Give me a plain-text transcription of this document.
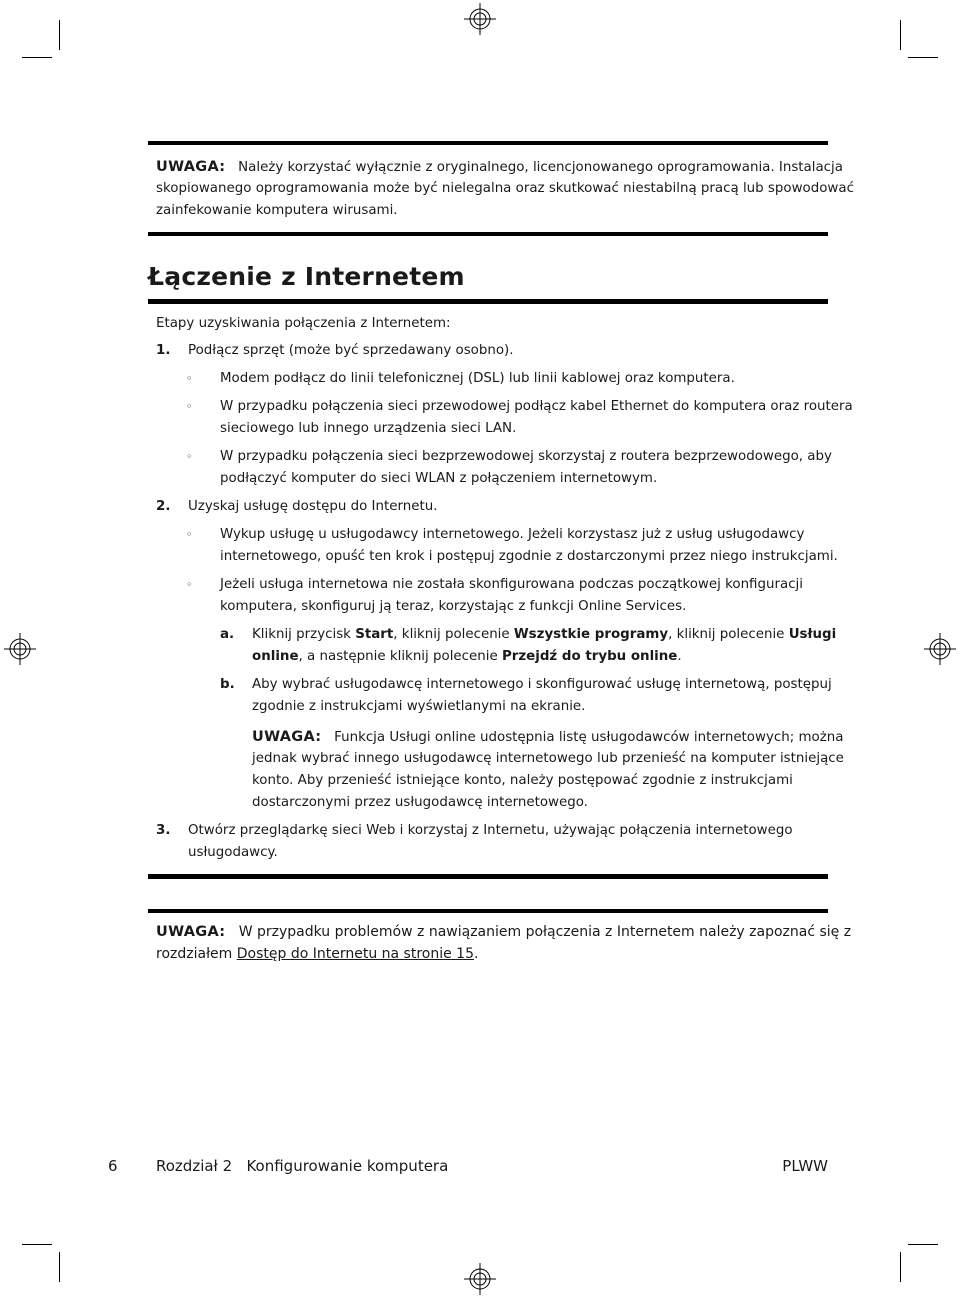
UWAGA: Należy korzystać wyłącznie z oryginalnego, licencjonowanego oprogramowania. Instalacja
skopiowanego oprogramowania może być nielegalna oraz skutkować niestabilną pracą lub spowodować
zainfekowanie komputera wirusami.
Łączenie z Internetem
Etapy uzyskiwania połączenia z Internetem:
1. Podłącz sprzęt (może być sprzedawany osobno).
◦ Modem podłącz do linii telefonicznej (DSL) lub linii kablowej oraz komputera.
◦ W przypadku połączenia sieci przewodowej podłącz kabel Ethernet do komputera oraz routera
sieciowego lub innego urządzenia sieci LAN.
◦ W przypadku połączenia sieci bezprzewodowej skorzystaj z routera bezprzewodowego, aby
podłączyć komputer do sieci WLAN z połączeniem internetowym.
2. Uzyskaj usługę dostępu do Internetu.
◦ Wykup usługę u usługodawcy internetowego. Jeżeli korzystasz już z usług usługodawcy
internetowego, opuść ten krok i postępuj zgodnie z dostarczonymi przez niego instrukcjami.
◦ Jeżeli usługa internetowa nie została skonfigurowana podczas początkowej konfiguracji
komputera, skonfiguruj ją teraz, korzystając z funkcji Online Services.
a. Kliknij przycisk Start, kliknij polecenie Wszystkie programy, kliknij polecenie Usługi
online, a następnie kliknij polecenie Przejdź do trybu online.
b. Aby wybrać usługodawcę internetowego i skonfigurować usługę internetową, postępuj
zgodnie z instrukcjami wyświetlanymi na ekranie.
UWAGA: Funkcja Usługi online udostępnia listę usługodawców internetowych; można
jednak wybrać innego usługodawcę internetowego lub przenieść na komputer istniejące
konto. Aby przenieść istniejące konto, należy postępować zgodnie z instrukcjami
dostarczonymi przez usługodawcę internetowego.
3. Otwórz przeglądarkę sieci Web i korzystaj z Internetu, używając połączenia internetowego
usługodawcy.
UWAGA: W przypadku problemów z nawiązaniem połączenia z Internetem należy zapoznać się z
rozdziałem Dostęp do Internetu na stronie 15.
6	Rozdział 2 Konfigurowanie komputera	PLWW
